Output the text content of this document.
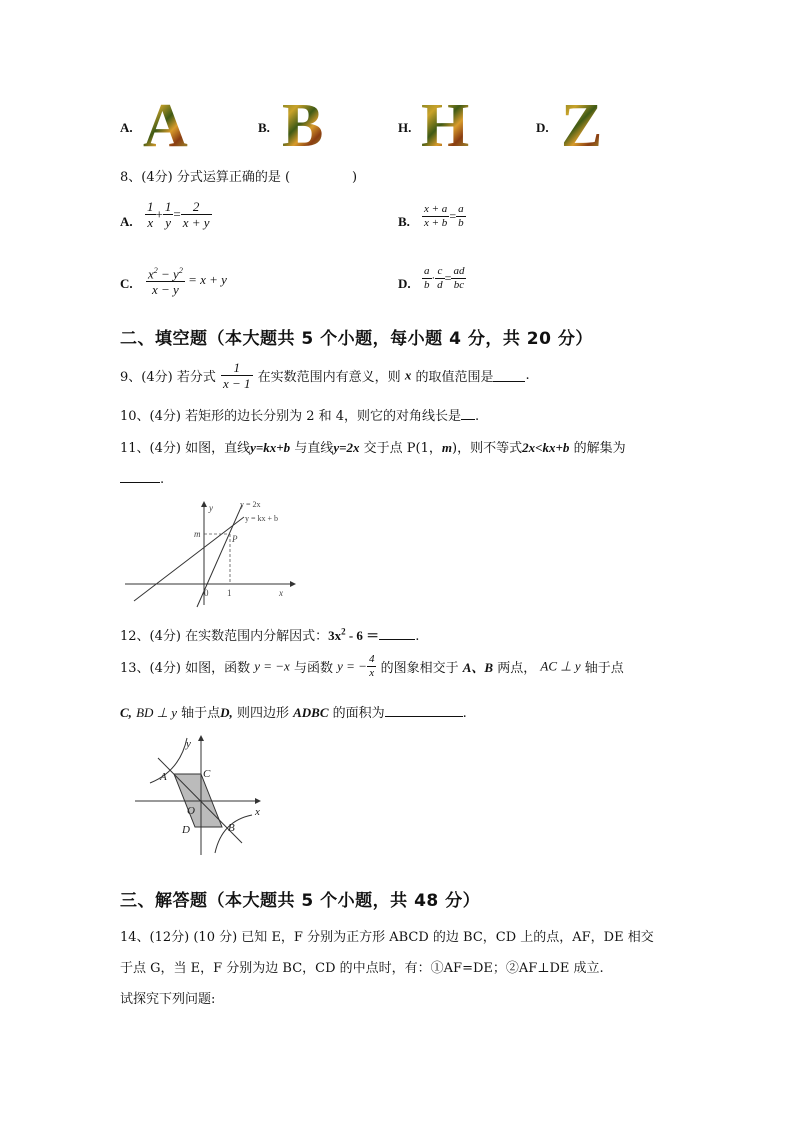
A. A	B. B	H. H	D. Z
8、(4分) 分式运算正确的是 (	)
A. $\frac{1}{x} + \frac{1}{y} = \frac{2}{x + y}$	B. $\frac{x + a}{x + b} = \frac{a}{b}$
C. $\frac{x^2 - y^2}{x - y} = x + y$	D. $\frac{a}{b} \cdot \frac{c}{d} = \frac{ad}{bc}$
二、填空题（本大题共 5 个小题，每小题 4 分，共 20 分）
9、(4分) 若分式 $\frac{1}{x - 1}$ 在实数范围内有意义，则 x 的取值范围是 .
10、(4分) 若矩形的边长分别为 2 和 4，则它的对角线长是 .
11、(4分) 如图，直线y=kx+b 与直线y=2x 交于点 P(1，m)，则不等式2x<kx+b 的解集为
.
y = 2x
y = kx + b
m	P
y
x
0 1
12、(4分) 在实数范围内分解因式：$3x^2 - 6$ ＝	.
13、(4分) 如图，函数 y = −x 与函数 y = − $\frac{4}{x}$ 的图象相交于 A、B 两点， AC ⊥ y 轴于点
C, BD ⊥ y 轴于点D, 则四边形 ADBC 的面积为	.
A	C
O
D	B
x
y
三、解答题（本大题共 5 个小题，共 48 分）
14、(12分) (10 分) 已知 E，F 分别为正方形 ABCD 的边 BC，CD 上的点，AF，DE 相交
于点 G，当 E，F 分别为边 BC，CD 的中点时，有：①AF=DE；②AF⊥DE 成立.
试探究下列问题:
